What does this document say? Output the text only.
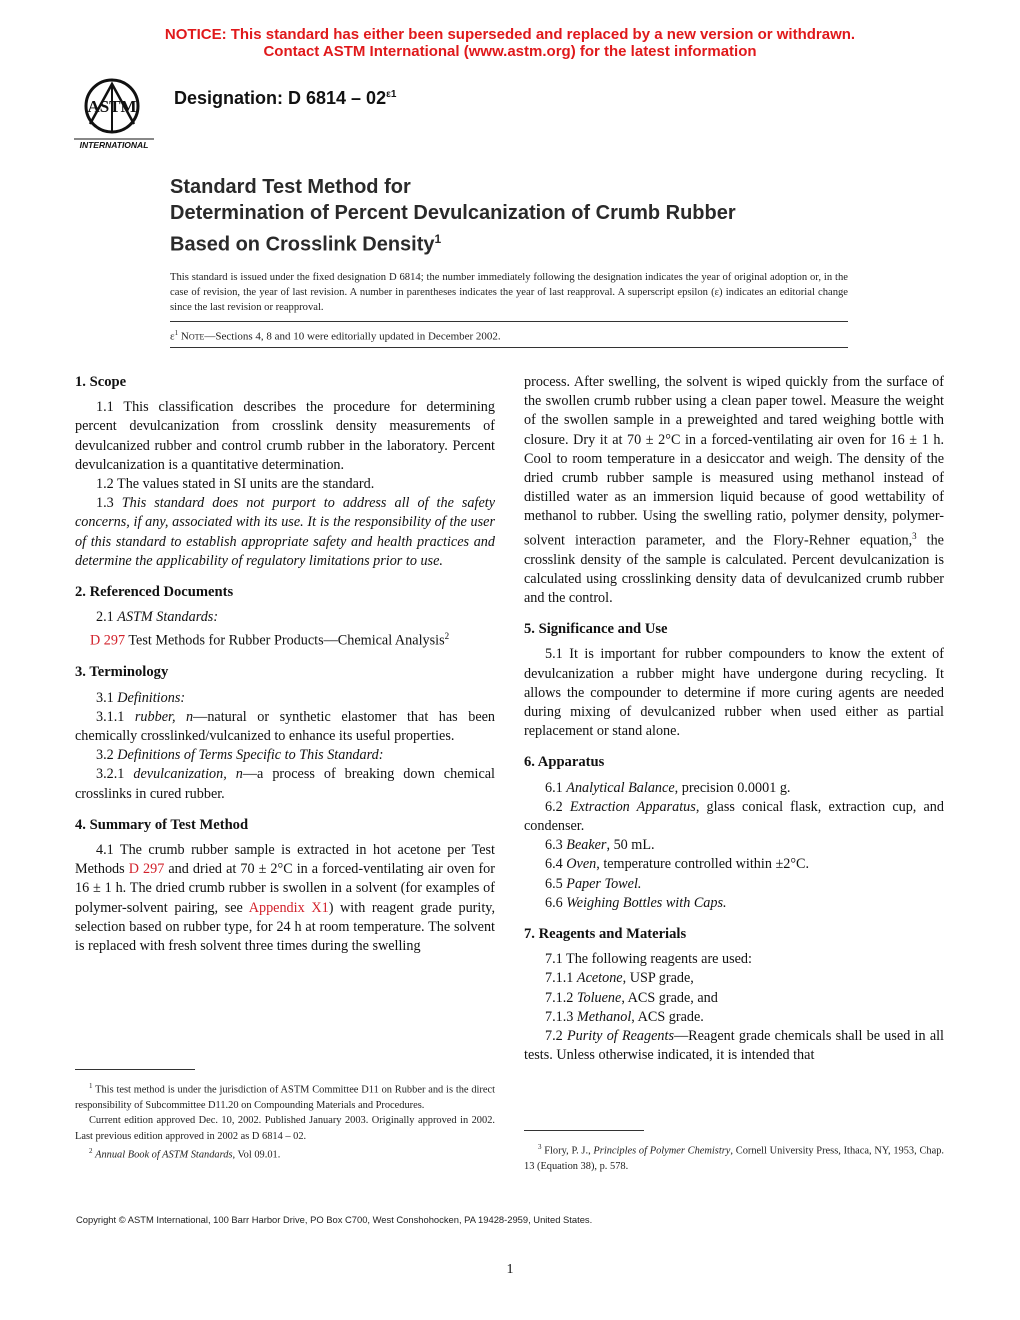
NOTICE: This standard has either been superseded and replaced by a new version or withdrawn.
Contact ASTM International (www.astm.org) for the latest information
ASTM
INTERNATIONAL
Designation: D $6814 - 02^{\varepsilon 1}$
Standard Test Method for
Determination of Percent Devulcanization of Crumb Rubber
Based on Crosslink Density$^1$
This standard is issued under the fixed designation D 6814; the number immediately following the designation indicates the year of original adoption or, in the case of revision, the year of last revision. A number in parentheses indicates the year of last reapproval. A superscript epsilon (ε) indicates an editorial change since the last revision or reapproval.
$\varepsilon^1$ Note—Sections 4, 8 and 10 were editorially updated in December 2002.

1. Scope

1.1 This classification describes the procedure for determining percent devulcanization from crosslink density measurements of devulcanized rubber and control crumb rubber in the laboratory. Percent devulcanization is a quantitative determination.

1.2 The values stated in SI units are the standard.

1.3 This standard does not purport to address all of the safety concerns, if any, associated with its use. It is the responsibility of the user of this standard to establish appropriate safety and health practices and determine the applicability of regulatory limitations prior to use.

2. Referenced Documents

2.1 ASTM Standards:

D 297 Test Methods for Rubber Products—Chemical Analysis$^2$

3. Terminology

3.1 Definitions:

3.1.1 rubber, n—natural or synthetic elastomer that has been chemically crosslinked/vulcanized to enhance its useful properties.

3.2 Definitions of Terms Specific to This Standard:

3.2.1 devulcanization, n—a process of breaking down chemical crosslinks in cured rubber.

4. Summary of Test Method

4.1 The crumb rubber sample is extracted in hot acetone per Test Methods D 297 and dried at 70 ± 2°C in a forced-ventilating air oven for 16 ± 1 h. The dried crumb rubber is swollen in a solvent (for examples of polymer-solvent pairing, see Appendix X1) with reagent grade purity, selection based on rubber type, for 24 h at room temperature. The solvent is replaced with fresh solvent three times during the swelling

process. After swelling, the solvent is wiped quickly from the surface of the swollen crumb rubber using a clean paper towel. Measure the weight of the swollen sample in a preweighted and tared weighing bottle with closure. Dry it at 70 ± 2°C in a forced-ventilating air oven for 16 ± 1 h. Cool to room temperature in a desiccator and weigh. The density of the dried crumb rubber sample is measured using methanol instead of distilled water as an immersion liquid because of good wettability of methanol to rubber. Using the swelling ratio, polymer density, polymer-solvent interaction parameter, and the Flory-Rehner equation,$^3$ the crosslink density of the sample is calculated. Percent devulcanization is calculated using crosslinking density data of devulcanized crumb rubber and the control.

5. Significance and Use

5.1 It is important for rubber compounders to know the extent of devulcanization a rubber might have undergone during recycling. It allows the compounder to determine if more curing agents are needed during mixing of devulcanized rubber when used either as partial replacement or stand alone.

6. Apparatus

6.1 Analytical Balance, precision 0.0001 g.

6.2 Extraction Apparatus, glass conical flask, extraction cup, and condenser.

6.3 Beaker, 50 mL.

6.4 Oven, temperature controlled within ±2°C.

6.5 Paper Towel.

6.6 Weighing Bottles with Caps.

7. Reagents and Materials

7.1 The following reagents are used:

7.1.1 Acetone, USP grade,

7.1.2 Toluene, ACS grade, and

7.1.3 Methanol, ACS grade.

7.2 Purity of Reagents—Reagent grade chemicals shall be used in all tests. Unless otherwise indicated, it is intended that

$^1$ This test method is under the jurisdiction of ASTM Committee D11 on Rubber and is the direct responsibility of Subcommittee D11.20 on Compounding Materials and Procedures.

Current edition approved Dec. 10, 2002. Published January 2003. Originally approved in 2002. Last previous edition approved in 2002 as D 6814 – 02.

$^2$ Annual Book of ASTM Standards, Vol 09.01.

$^3$ Flory, P. J., Principles of Polymer Chemistry, Cornell University Press, Ithaca, NY, 1953, Chap. 13 (Equation 38), p. 578.

Copyright © ASTM International, 100 Barr Harbor Drive, PO Box C700, West Conshohocken, PA 19428-2959, United States.
1
